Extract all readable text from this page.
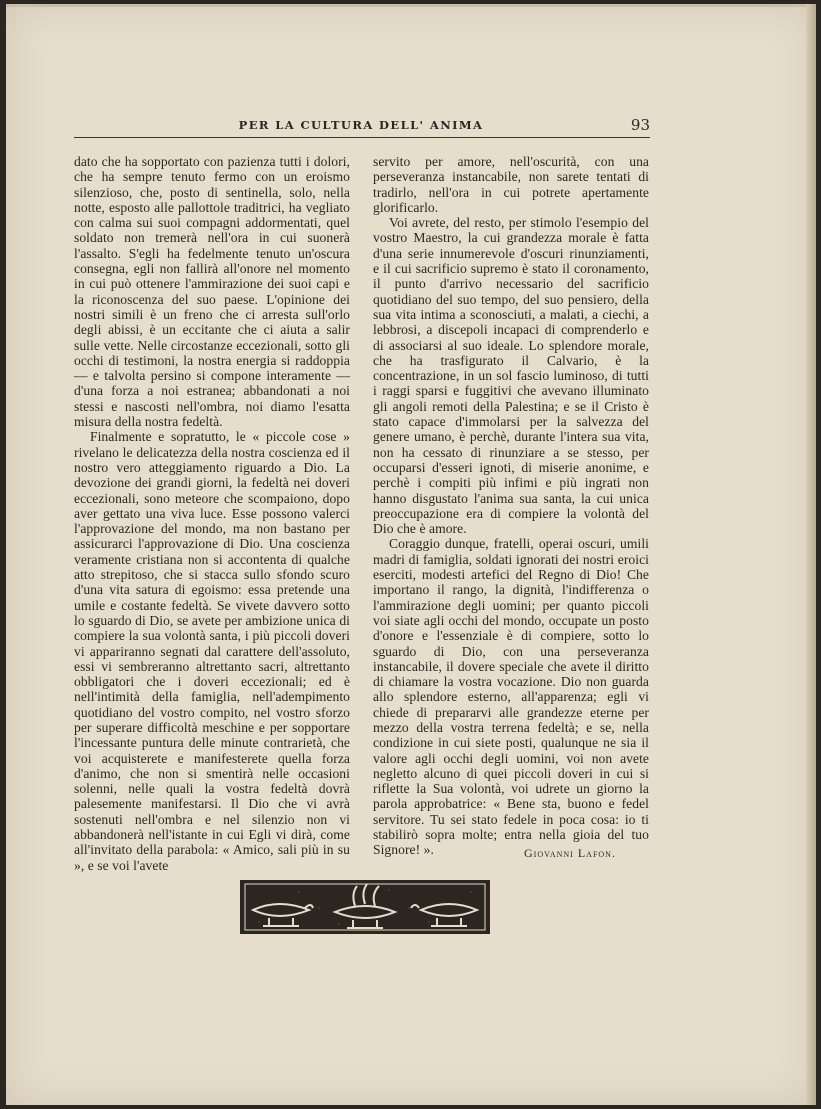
PER LA CULTURA DELL' ANIMA	93

dato che ha sopportato con pazienza tutti i dolori, che ha sempre tenuto fermo con un eroismo silenzioso, che, posto di sentinella, solo, nella notte, esposto alle pallottole traditrici, ha vegliato con calma sui suoi compagni addormentati, quel soldato non tremerà nell'ora in cui suonerà l'assalto. S'egli ha fedelmente tenuto un'oscura consegna, egli non fallirà all'onore nel momento in cui può ottenere l'ammirazione dei suoi capi e la riconoscenza del suo paese. L'opinione dei nostri simili è un freno che ci arresta sull'orlo degli abissi, è un eccitante che ci aiuta a salir sulle vette. Nelle circostanze eccezionali, sotto gli occhi di testimoni, la nostra energia si raddoppia — e talvolta persino si compone interamente — d'una forza a noi estranea; abbandonati a noi stessi e nascosti nell'ombra, noi diamo l'esatta misura della nostra fedeltà.

Finalmente e sopratutto, le « piccole cose » rivelano le delicatezza della nostra coscienza ed il nostro vero atteggiamento riguardo a Dio. La devozione dei grandi giorni, la fedeltà nei doveri eccezionali, sono meteore che scompaiono, dopo aver gettato una viva luce. Esse possono valerci l'approvazione del mondo, ma non bastano per assicurarci l'approvazione di Dio. Una coscienza veramente cristiana non si accontenta di qualche atto strepitoso, che si stacca sullo sfondo scuro d'una vita satura di egoismo: essa pretende una umile e costante fedeltà. Se vivete davvero sotto lo sguardo di Dio, se avete per ambizione unica di compiere la sua volontà santa, i più piccoli doveri vi appariranno segnati dal carattere dell'assoluto, essi vi sembreranno altrettanto sacri, altrettanto obbligatori che i doveri eccezionali; ed è nell'intimità della famiglia, nell'adempimento quotidiano del vostro compito, nel vostro sforzo per superare difficoltà meschine e per sopportare l'incessante puntura delle minute contrarietà, che voi acquisterete e manifesterete quella forza d'animo, che non si smentirà nelle occasioni solenni, nelle quali la vostra fedeltà dovrà palesemente manifestarsi. Il Dio che vi avrà sostenuti nell'ombra e nel silenzio non vi abbandonerà nell'istante in cui Egli vi dirà, come all'invitato della parabola: « Amico, sali più in su », e se voi l'avete

servito per amore, nell'oscurità, con una perseveranza instancabile, non sarete tentati di tradirlo, nell'ora in cui potrete apertamente glorificarlo.

Voi avrete, del resto, per stimolo l'esempio del vostro Maestro, la cui grandezza morale è fatta d'una serie innumerevole d'oscuri rinunziamenti, e il cui sacrificio supremo è stato il coronamento, il punto d'arrivo necessario del sacrificio quotidiano del suo tempo, del suo pensiero, della sua vita intima a sconosciuti, a malati, a ciechi, a lebbrosi, a discepoli incapaci di comprenderlo e di associarsi al suo ideale. Lo splendore morale, che ha trasfigurato il Calvario, è la concentrazione, in un sol fascio luminoso, di tutti i raggi sparsi e fuggitivi che avevano illuminato gli angoli remoti della Palestina; e se il Cristo è stato capace d'immolarsi per la salvezza del genere umano, è perchè, durante l'intera sua vita, non ha cessato di rinunziare a se stesso, per occuparsi d'esseri ignoti, di miserie anonime, e perchè i compiti più infimi e più ingrati non hanno disgustato l'anima sua santa, la cui unica preoccupazione era di compiere la volontà del Dio che è amore.

Coraggio dunque, fratelli, operai oscuri, umili madri di famiglia, soldati ignorati dei nostri eroici eserciti, modesti artefici del Regno di Dio! Che importano il rango, la dignità, l'indifferenza o l'ammirazione degli uomini; per quanto piccoli voi siate agli occhi del mondo, occupate un posto d'onore e l'essenziale è di compiere, sotto lo sguardo di Dio, con una perseveranza instancabile, il dovere speciale che avete il diritto di chiamare la vostra vocazione. Dio non guarda allo splendore esterno, all'apparenza; egli vi chiede di prepararvi alle grandezze eterne per mezzo della vostra terrena fedeltà; e se, nella condizione in cui siete posti, qualunque ne sia il valore agli occhi degli uomini, voi non avete negletto alcuno di quei piccoli doveri in cui si riflette la Sua volontà, voi udrete un giorno la parola approbatrice: « Bene sta, buono e fedel servitore. Tu sei stato fedele in poca cosa: io ti stabilirò sopra molte; entra nella gioia del tuo Signore! ».	Giovanni Lafon.
